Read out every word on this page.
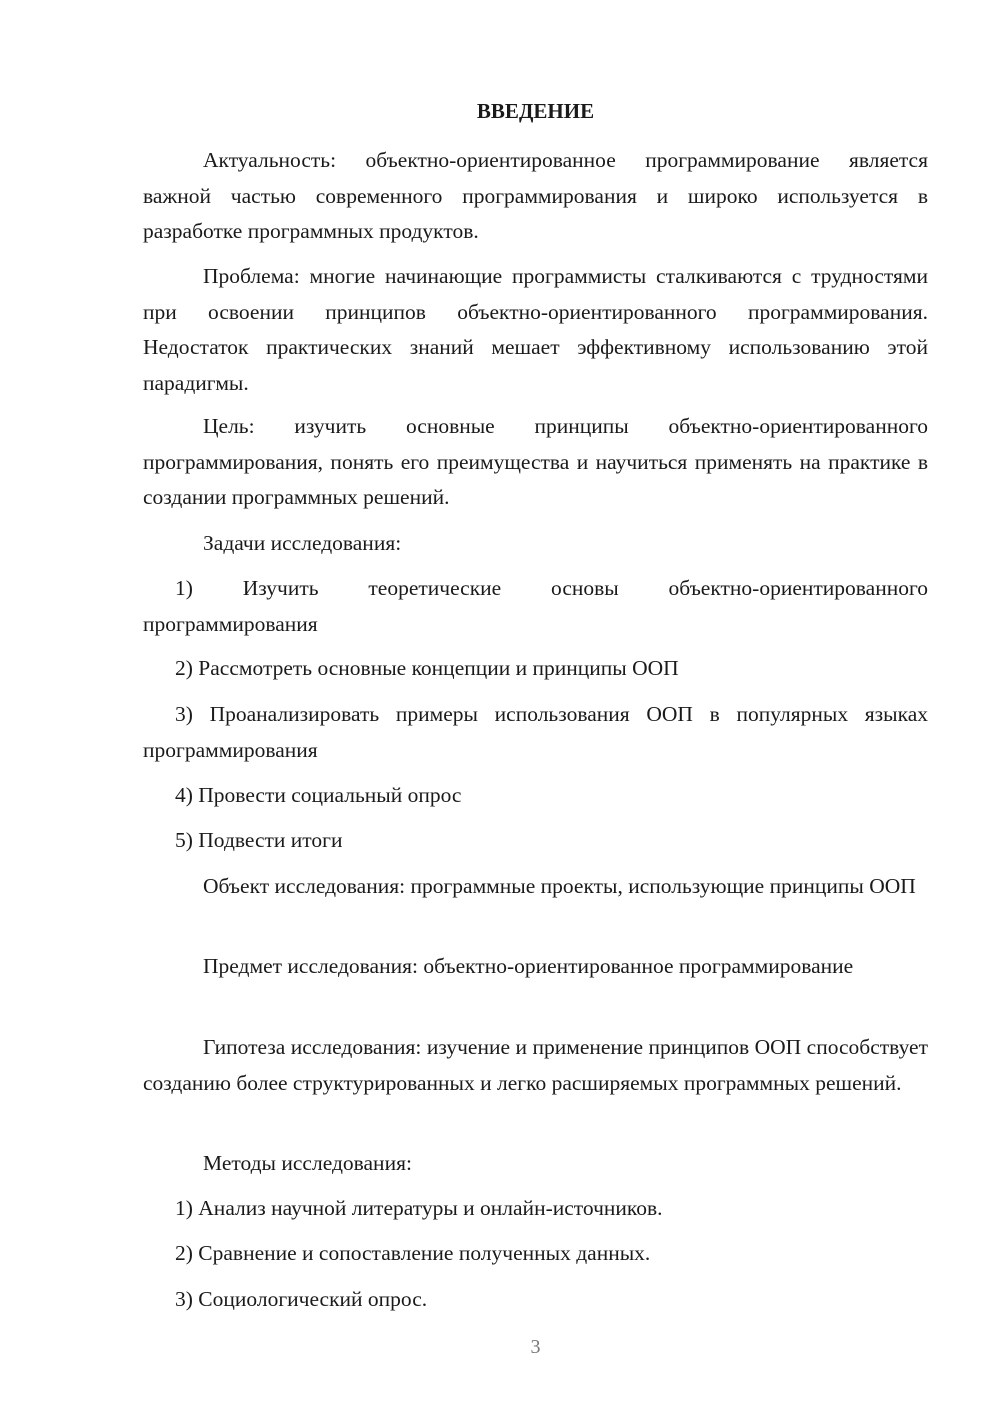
ВВЕДЕНИЕ

Актуальность: объектно-ориентированное программирование является важной частью современного программирования и широко используется в разработке программных продуктов.

Проблема: многие начинающие программисты сталкиваются с трудностями при освоении принципов объектно-ориентированного программирования. Недостаток практических знаний мешает эффективному использованию этой парадигмы.

Цель: изучить основные принципы объектно-ориентированного программирования, понять его преимущества и научиться применять на практике в создании программных решений.

Задачи исследования:

1) Изучить теоретические основы объектно-ориентированного программирования

2) Рассмотреть основные концепции и принципы ООП

3) Проанализировать примеры использования ООП в популярных языках программирования

4) Провести социальный опрос

5) Подвести итоги

Объект исследования: программные проекты, использующие принципы ООП

Предмет исследования: объектно-ориентированное программирование

Гипотеза исследования: изучение и применение принципов ООП способствует созданию более структурированных и легко расширяемых программных решений.

Методы исследования:

1) Анализ научной литературы и онлайн-источников.

2) Сравнение и сопоставление полученных данных.

3) Социологический опрос.

3
